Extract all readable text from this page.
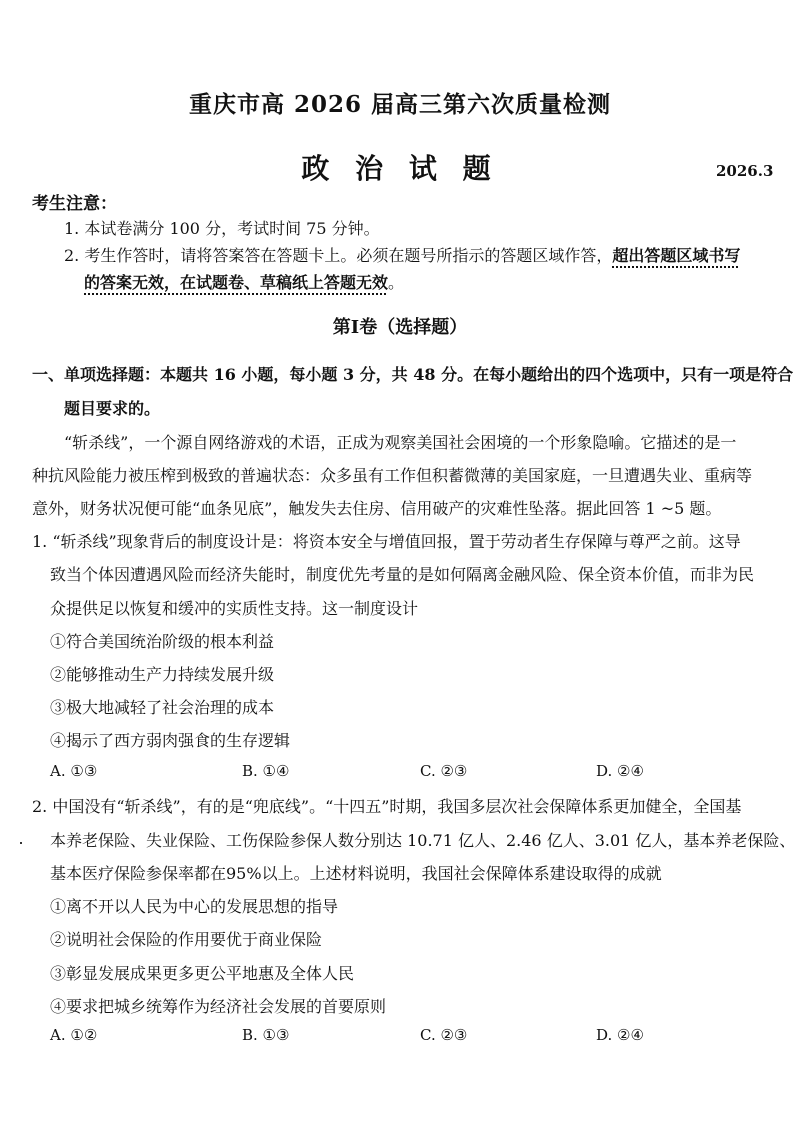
重庆市高 2026 届高三第六次质量检测
政 治 试 题	2026.3
考生注意：
1. 本试卷满分 100 分，考试时间 75 分钟。
2. 考生作答时，请将答案答在答题卡上。必须在题号所指示的答题区域作答，超出答题区域书写
的答案无效，在试题卷、草稿纸上答题无效。
第Ⅰ卷（选择题）
一、单项选择题：本题共 16 小题，每小题 3 分，共 48 分。在每小题给出的四个选项中，只有一项是符合
题目要求的。
“斩杀线”，一个源自网络游戏的术语，正成为观察美国社会困境的一个形象隐喻。它描述的是一
种抗风险能力被压榨到极致的普遍状态：众多虽有工作但积蓄微薄的美国家庭，一旦遭遇失业、重病等
意外，财务状况便可能“血条见底”，触发失去住房、信用破产的灾难性坠落。据此回答 1 ~5 题。
1. “斩杀线”现象背后的制度设计是：将资本安全与增值回报，置于劳动者生存保障与尊严之前。这导
致当个体因遭遇风险而经济失能时，制度优先考量的是如何隔离金融风险、保全资本价值，而非为民
众提供足以恢复和缓冲的实质性支持。这一制度设计
①符合美国统治阶级的根本利益
②能够推动生产力持续发展升级
③极大地减轻了社会治理的成本
④揭示了西方弱肉强食的生存逻辑
A. ①③	B. ①④	C. ②③	D. ②④
2. 中国没有“斩杀线”，有的是“兜底线”。“十四五”时期，我国多层次社会保障体系更加健全，全国基
本养老保险、失业保险、工伤保险参保人数分别达 10.71 亿人、2.46 亿人、3.01 亿人，基本养老保险、
基本医疗保险参保率都在95%以上。上述材料说明，我国社会保障体系建设取得的成就
①离不开以人民为中心的发展思想的指导
②说明社会保险的作用要优于商业保险
③彰显发展成果更多更公平地惠及全体人民
④要求把城乡统筹作为经济社会发展的首要原则
A. ①②	B. ①③	C. ②③	D. ②④
